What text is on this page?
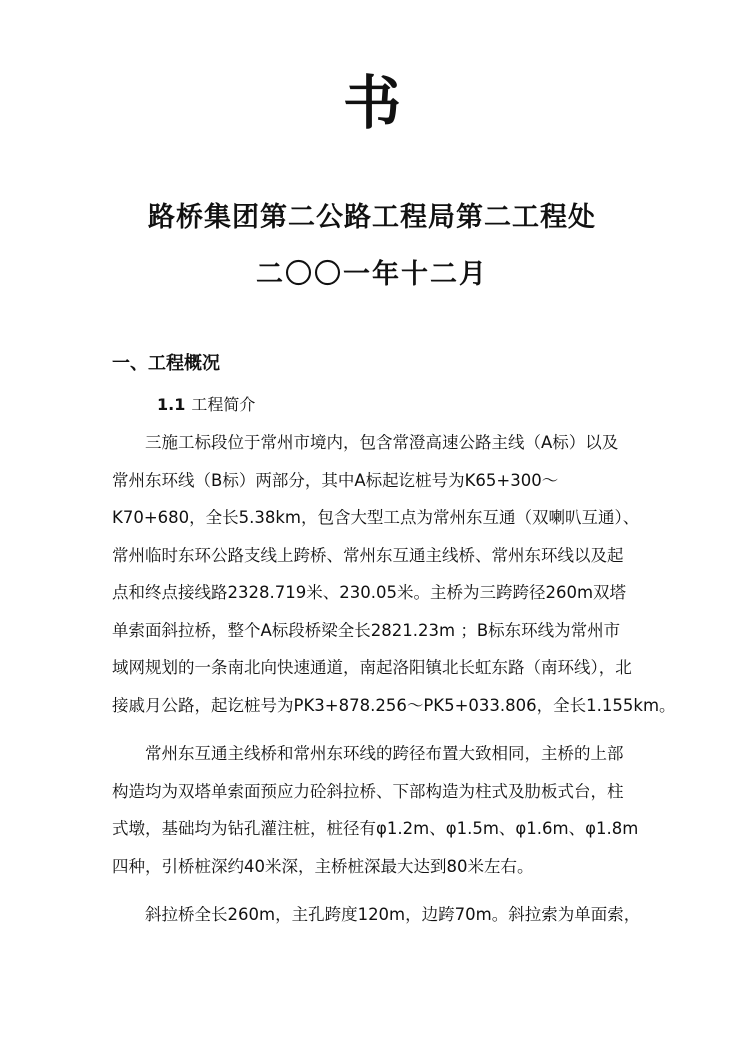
书
路桥集团第二公路工程局第二工程处
二〇〇一年十二月
一、工程概况
1.1 工程简介

　　三施工标段位于常州市境内，包含常澄高速公路主线（A标）以及
常州东环线（B标）两部分，其中A标起讫桩号为K65+300～
K70+680，全长5.38km，包含大型工点为常州东互通（双喇叭互通）、
常州临时东环公路支线上跨桥、常州东互通主线桥、常州东环线以及起
点和终点接线路2328.719米、230.05米。主桥为三跨跨径260m双塔
单索面斜拉桥，整个A标段桥梁全长2821.23m ；B标东环线为常州市
域网规划的一条南北向快速通道，南起洛阳镇北长虹东路（南环线），北
接戚月公路，起讫桩号为PK3+878.256～PK5+033.806，全长1.155km。

　　常州东互通主线桥和常州东环线的跨径布置大致相同，主桥的上部
构造均为双塔单索面预应力砼斜拉桥、下部构造为柱式及肋板式台，柱
式墩，基础均为钻孔灌注桩，桩径有φ1.2m、φ1.5m、φ1.6m、φ1.8m
四种，引桥桩深约40米深，主桥桩深最大达到80米左右。

　　斜拉桥全长260m，主孔跨度120m，边跨70m。斜拉索为单面索，
